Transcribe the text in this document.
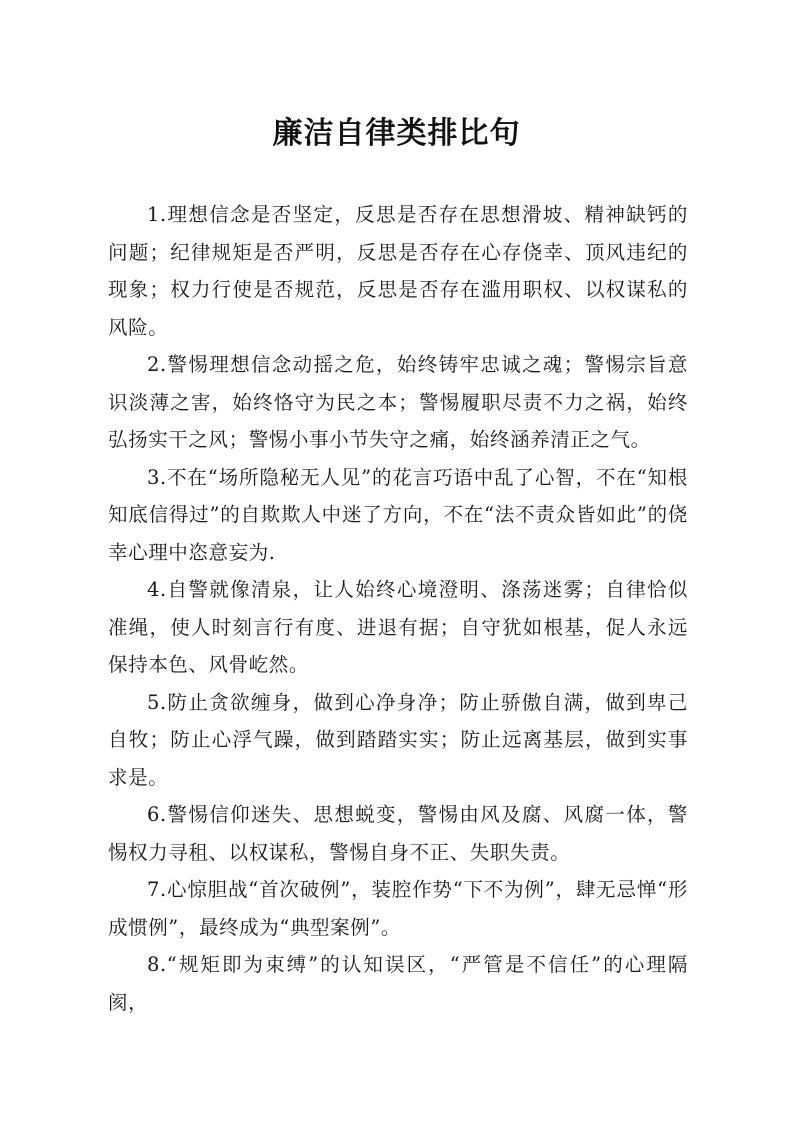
廉洁自律类排比句

1.理想信念是否坚定，反思是否存在思想滑坡、精神缺钙的问题；纪律规矩是否严明，反思是否存在心存侥幸、顶风违纪的现象；权力行使是否规范，反思是否存在滥用职权、以权谋私的风险。

2.警惕理想信念动摇之危，始终铸牢忠诚之魂；警惕宗旨意识淡薄之害，始终恪守为民之本；警惕履职尽责不力之祸，始终弘扬实干之风；警惕小事小节失守之痛，始终涵养清正之气。

3.不在“场所隐秘无人见”的花言巧语中乱了心智，不在“知根知底信得过”的自欺欺人中迷了方向，不在“法不责众皆如此”的侥幸心理中恣意妄为.

4.自警就像清泉，让人始终心境澄明、涤荡迷雾；自律恰似准绳，使人时刻言行有度、进退有据；自守犹如根基，促人永远保持本色、风骨屹然。

5.防止贪欲缠身，做到心净身净；防止骄傲自满，做到卑己自牧；防止心浮气躁，做到踏踏实实；防止远离基层，做到实事求是。

6.警惕信仰迷失、思想蜕变，警惕由风及腐、风腐一体，警惕权力寻租、以权谋私，警惕自身不正、失职失责。

7.心惊胆战“首次破例”，装腔作势“下不为例”，肆无忌惮“形成惯例”，最终成为“典型案例”。

8.“规矩即为束缚”的认知误区，“严管是不信任”的心理隔阂，
